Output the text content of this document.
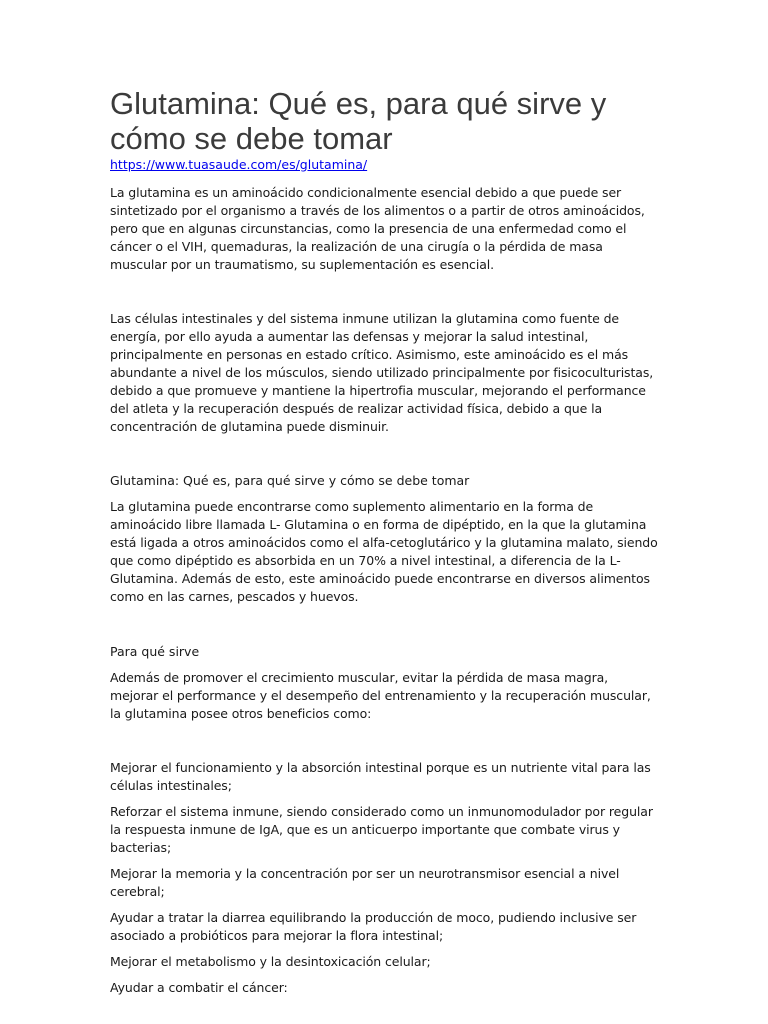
Glutamina: Qué es, para qué sirve y cómo se debe tomar
https://www.tuasaude.com/es/glutamina/

La glutamina es un aminoácido condicionalmente esencial debido a que puede ser sintetizado por el organismo a través de los alimentos o a partir de otros aminoácidos, pero que en algunas circunstancias, como la presencia de una enfermedad como el cáncer o el VIH, quemaduras, la realización de una cirugía o la pérdida de masa muscular por un traumatismo, su suplementación es esencial.

Las células intestinales y del sistema inmune utilizan la glutamina como fuente de energía, por ello ayuda a aumentar las defensas y mejorar la salud intestinal, principalmente en personas en estado crítico. Asimismo, este aminoácido es el más abundante a nivel de los músculos, siendo utilizado principalmente por fisicoculturistas, debido a que promueve y mantiene la hipertrofia muscular, mejorando el performance del atleta y la recuperación después de realizar actividad física, debido a que la concentración de glutamina puede disminuir.

Glutamina: Qué es, para qué sirve y cómo se debe tomar

La glutamina puede encontrarse como suplemento alimentario en la forma de aminoácido libre llamada L- Glutamina o en forma de dipéptido, en la que la glutamina está ligada a otros aminoácidos como el alfa-cetoglutárico y la glutamina malato, siendo que como dipéptido es absorbida en un 70% a nivel intestinal, a diferencia de la L- Glutamina. Además de esto, este aminoácido puede encontrarse en diversos alimentos como en las carnes, pescados y huevos.

Para qué sirve

Además de promover el crecimiento muscular, evitar la pérdida de masa magra, mejorar el performance y el desempeño del entrenamiento y la recuperación muscular, la glutamina posee otros beneficios como:

Mejorar el funcionamiento y la absorción intestinal porque es un nutriente vital para las células intestinales;

Reforzar el sistema inmune, siendo considerado como un inmunomodulador por regular la respuesta inmune de IgA, que es un anticuerpo importante que combate virus y bacterias;

Mejorar la memoria y la concentración por ser un neurotransmisor esencial a nivel cerebral;

Ayudar a tratar la diarrea equilibrando la producción de moco, pudiendo inclusive ser asociado a probióticos para mejorar la flora intestinal;

Mejorar el metabolismo y la desintoxicación celular;

Ayudar a combatir el cáncer:
